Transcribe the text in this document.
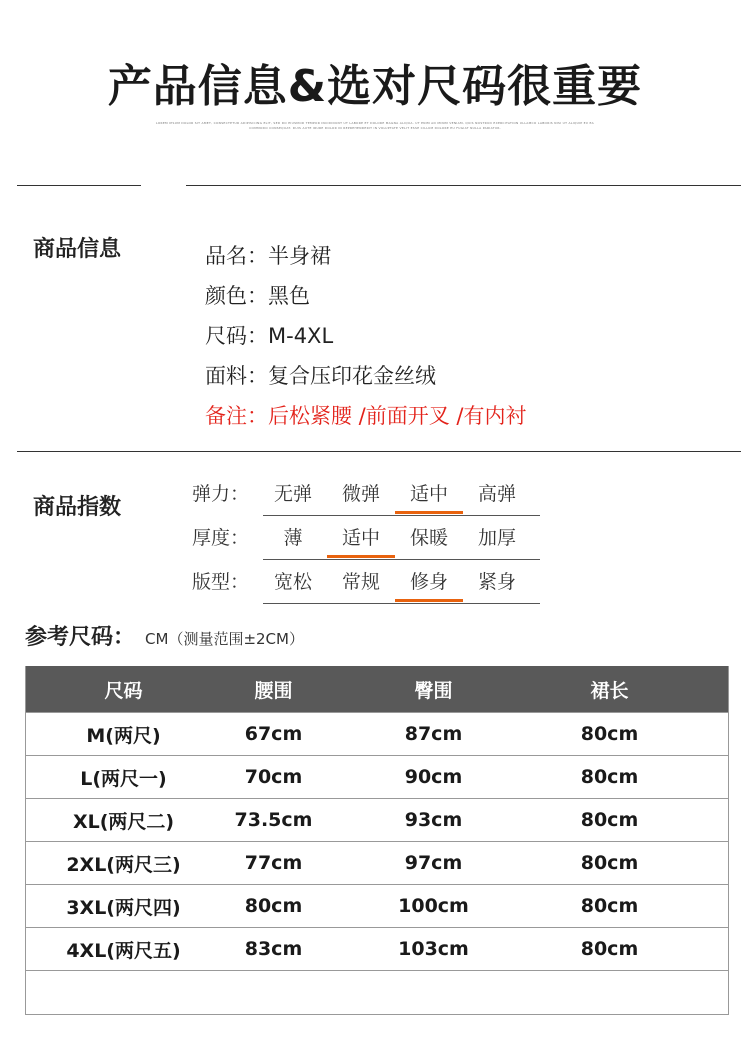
产品信息&选对尺码很重要
LOREM IPSUM DOLOR SIT AMET, CONSECTETUR ADIPISICING ELIT, SED DO EIUSMOD TEMPOR INCIDIDUNT UT LABORE ET DOLORE MAGNA ALIQUA. UT ENIM AD MINIM VENIAM, QUIS NOSTRUD EXERCITATION ULLAMCO LABORIS NISI UT ALIQUIP EX EA COMMODO CONSEQUAT. DUIS AUTE IRURE DOLOR IN REPREHENDERIT IN VOLUPTATE VELIT ESSE CILLUM DOLORE EU FUGIAT NULLA PARIATUR.
商品信息	品名 ： 半身裙
颜色 ： 黑色
尺码 ： M-4XL
面料 ： 复合压印花金丝绒
备注 ： 后松紧腰 /前面开叉 /有内衬
商品指数
弹力 ：	无弹	微弹	适中	高弹
厚度 ：	薄	适中	保暖	加厚
版型 ：	宽松	常规	修身	紧身
参考尺码 ： CM（测量范围±2CM）
尺码	腰围	臀围	裙长
M(两尺)	67cm	87cm	80cm
L(两尺一)	70cm	90cm	80cm
XL(两尺二)	73.5cm	93cm	80cm
2XL(两尺三)	77cm	97cm	80cm
3XL(两尺四)	80cm	100cm	80cm
4XL(两尺五)	83cm	103cm	80cm
